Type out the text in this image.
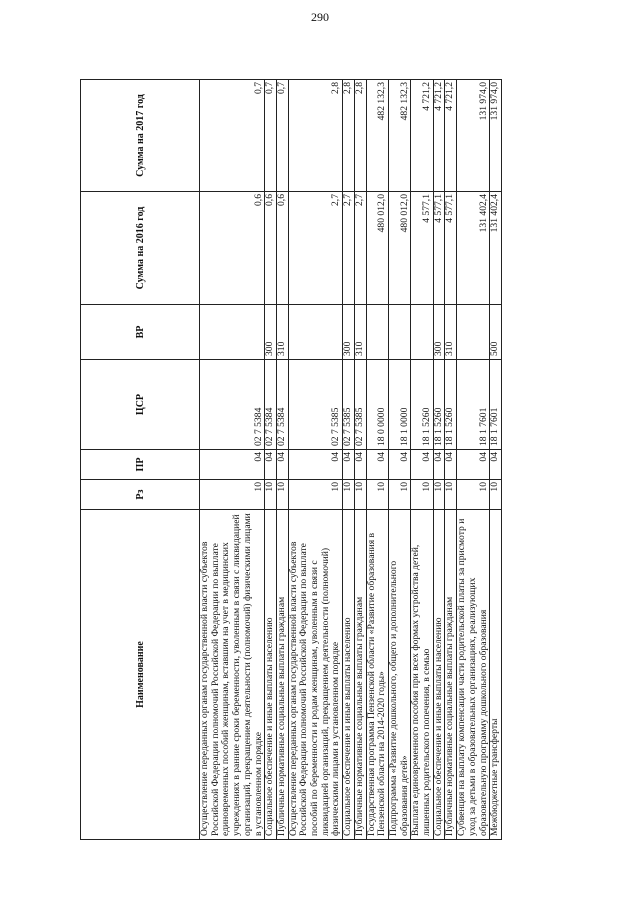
290
Наименование	Рз	ПР	ЦСР	ВР	Сумма на 2016 год	Сумма на 2017 год
Осуществление переданных органам государственной власти субъектов Российской Федерации полномочий Российской Федерации по выплате единовременных пособий женщинам, вставшим на учет в медицинских учреждениях в ранние сроки беременности, уволенным в связи с ликвидацией организаций, прекращением деятельности (полномочий) физическими лицами в установленном порядке	10	04	02 7 5384		0,6	0,7
Социальное обеспечение и иные выплаты населению	10	04	02 7 5384	300	0,6	0,7
Публичные нормативные социальные выплаты гражданам	10	04	02 7 5384	310	0,6	0,7
Осуществление переданных органам государственной власти субъектов Российской Федерации полномочий Российской Федерации по выплате пособий по беременности и родам женщинам, уволенным в связи с ликвидацией организаций, прекращением деятельности (полномочий) физическими лицами в установленном порядке	10	04	02 7 5385		2,7	2,8
Социальное обеспечение и иные выплаты населению	10	04	02 7 5385	300	2,7	2,8
Публичные нормативные социальные выплаты гражданам	10	04	02 7 5385	310	2,7	2,8
Государственная программа Пензенской области «Развитие образования в Пензенской области на 2014-2020 годы»	10	04	18 0 0000		480 012,0	482 132,3
Подпрограмма «Развитие дошкольного, общего и дополнительного образования детей»	10	04	18 1 0000		480 012,0	482 132,3
Выплата единовременного пособия при всех формах устройства детей, лишенных родительского попечения, в семью	10	04	18 1 5260		4 577,1	4 721,2
Социальное обеспечение и иные выплаты населению	10	04	18 1 5260	300	4 577,1	4 721,2
Публичные нормативные социальные выплаты гражданам	10	04	18 1 5260	310	4 577,1	4 721,2
Субвенция на выплату компенсации части родительской платы за присмотр и уход за детьми в образовательных организациях, реализующих образовательную программу дошкольного образования	10	04	18 1 7601		131 402,4	131 974,0
Межбюджетные трансферты	10	04	18 1 7601	500	131 402,4	131 974,0
